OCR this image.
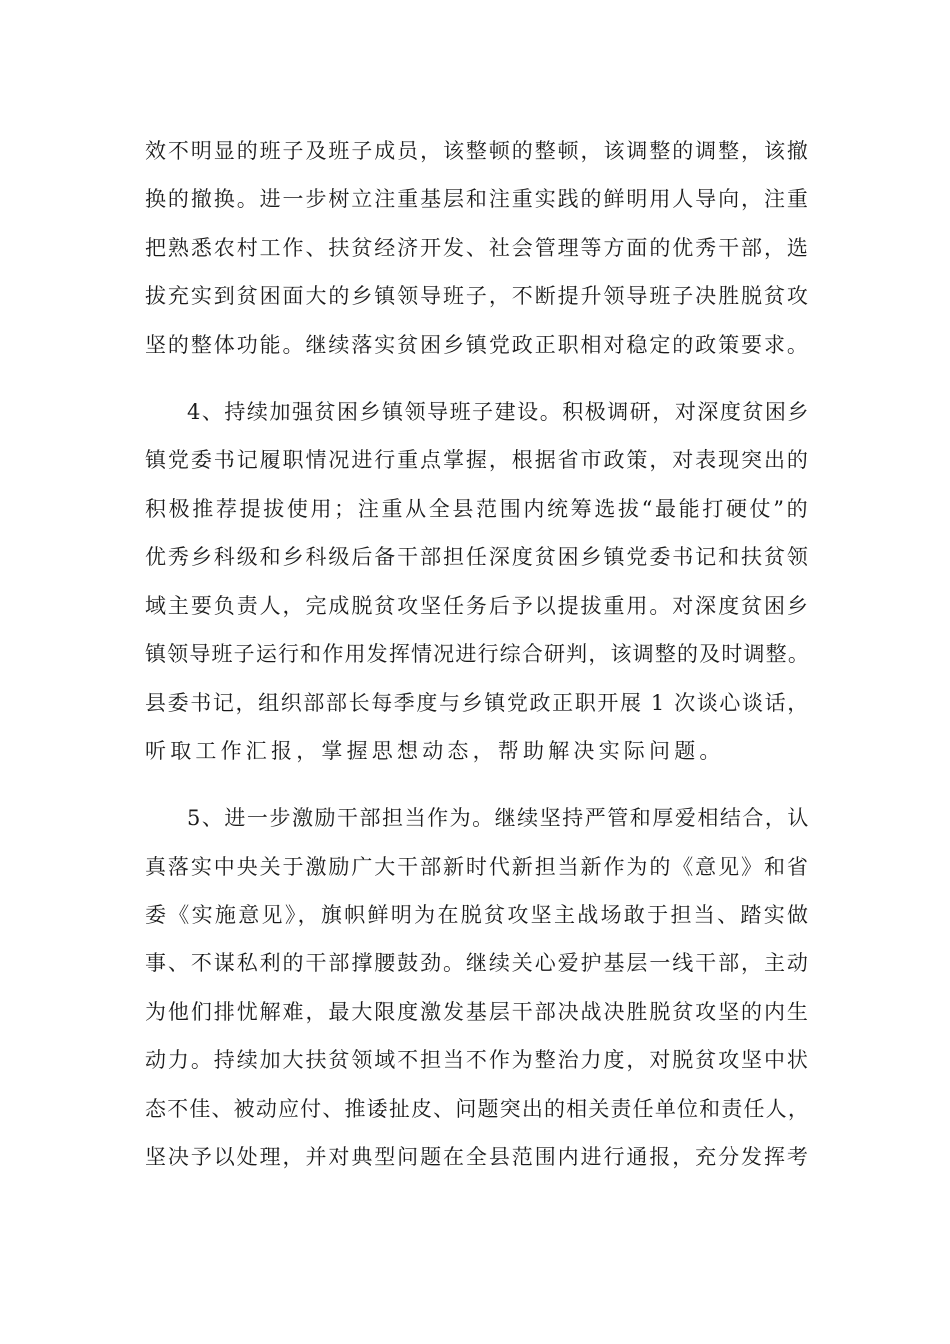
效不明显的班子及班子成员，该整顿的整顿，该调整的调整，该撤
换的撤换。进一步树立注重基层和注重实践的鲜明用人导向，注重
把熟悉农村工作、扶贫经济开发、社会管理等方面的优秀干部，选
拔充实到贫困面大的乡镇领导班子，不断提升领导班子决胜脱贫攻
坚的整体功能。继续落实贫困乡镇党政正职相对稳定的政策要求。
4、持续加强贫困乡镇领导班子建设。积极调研，对深度贫困乡
镇党委书记履职情况进行重点掌握，根据省市政策，对表现突出的
积极推荐提拔使用；注重从全县范围内统筹选拔“最能打硬仗”的
优秀乡科级和乡科级后备干部担任深度贫困乡镇党委书记和扶贫领
域主要负责人，完成脱贫攻坚任务后予以提拔重用。对深度贫困乡
镇领导班子运行和作用发挥情况进行综合研判，该调整的及时调整。
县委书记，组织部部长每季度与乡镇党政正职开展 1 次谈心谈话，
听取工作汇报，掌握思想动态，帮助解决实际问题。
5、进一步激励干部担当作为。继续坚持严管和厚爱相结合，认
真落实中央关于激励广大干部新时代新担当新作为的《意见》和省
委《实施意见》，旗帜鲜明为在脱贫攻坚主战场敢于担当、踏实做
事、不谋私利的干部撑腰鼓劲。继续关心爱护基层一线干部，主动
为他们排忧解难，最大限度激发基层干部决战决胜脱贫攻坚的内生
动力。持续加大扶贫领域不担当不作为整治力度，对脱贫攻坚中状
态不佳、被动应付、推诿扯皮、问题突出的相关责任单位和责任人，
坚决予以处理，并对典型问题在全县范围内进行通报，充分发挥考
